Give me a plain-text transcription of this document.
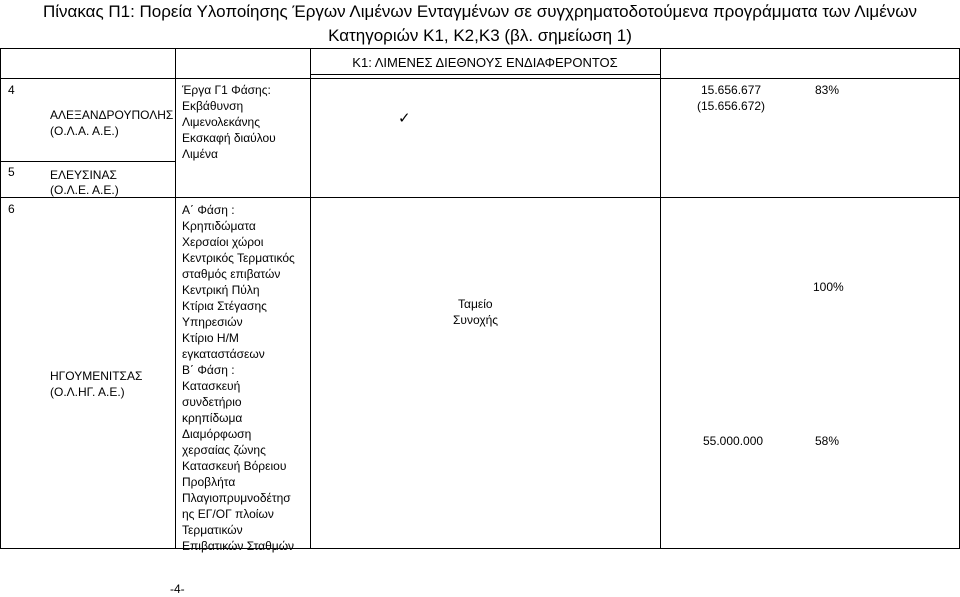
Πίνακας Π1: Πορεία Υλοποίησης Έργων Λιμένων Ενταγμένων σε συγχρηματοδοτούμενα προγράμματα των Λιμένων
Κατηγοριών Κ1, Κ2,Κ3 (βλ. σημείωση 1)
Κ1: ΛΙΜΕΝΕΣ ΔΙΕΘΝΟΥΣ ΕΝΔΙΑΦΕΡΟΝΤΟΣ
4
ΑΛΕΞΑΝΔΡΟΥΠΟΛΗΣ
(Ο.Λ.Α. Α.Ε.)
Έργα Γ1 Φάσης:
Εκβάθυνση
Λιμενολεκάνης
Εκσκαφή διαύλου
Λιμένα
✓
15.656.677
(15.656.672)
83%
5	ΕΛΕΥΣΙΝΑΣ
(Ο.Λ.Ε. Α.Ε.)
6
ΗΓΟΥΜΕΝΙΤΣΑΣ
(Ο.Λ.ΗΓ. Α.Ε.)
Α΄ Φάση :
Κρηπιδώματα
Χερσαίοι χώροι
Κεντρικός Τερματικός
σταθμός επιβατών
Κεντρική Πύλη
Κτίρια Στέγασης
Υπηρεσιών
Κτίριο Η/Μ
εγκαταστάσεων
Β΄ Φάση :
Κατασκευή
συνδετήριο
κρηπίδωμα
Διαμόρφωση
χερσαίας ζώνης
Κατασκευή Βόρειου
Προβλήτα
Πλαγιοπρυμνοδέτησ
ης ΕΓ/ΟΓ πλοίων
Τερματικών
Επιβατικών Σταθμών
Ταμείο
Συνοχής
100%
55.000.000	58%
-4-
